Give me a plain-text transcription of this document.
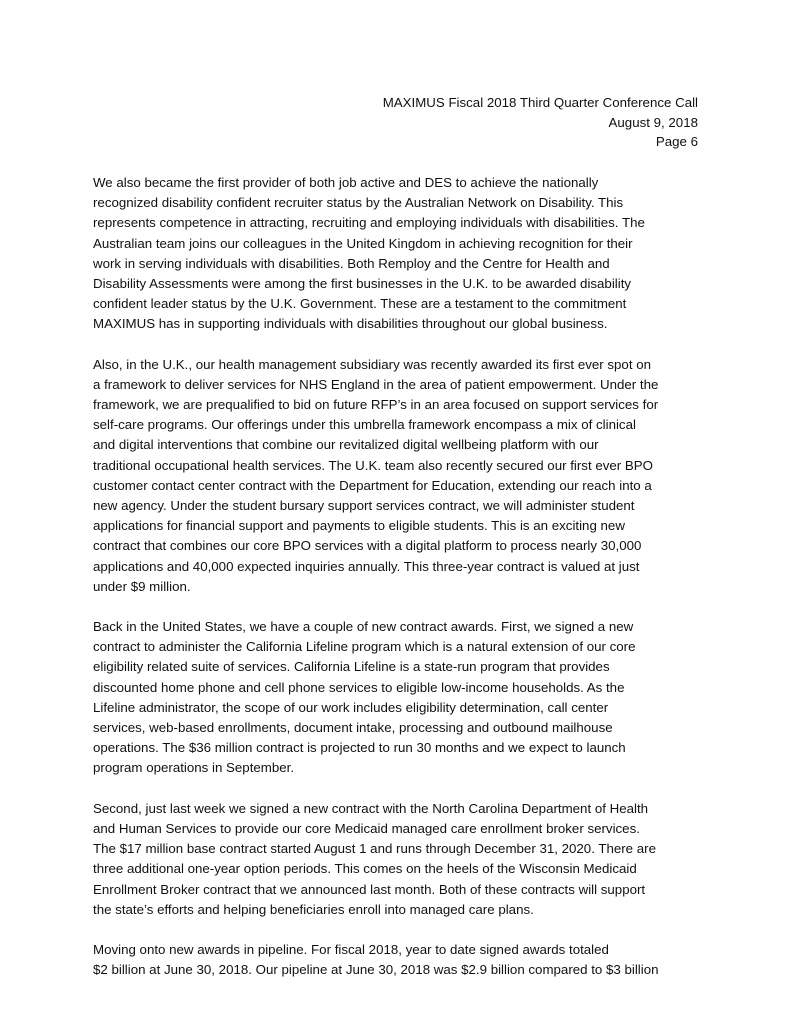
MAXIMUS Fiscal 2018 Third Quarter Conference Call
August 9, 2018
Page 6

We also became the first provider of both job active and DES to achieve the nationally
recognized disability confident recruiter status by the Australian Network on Disability. This
represents competence in attracting, recruiting and employing individuals with disabilities. The
Australian team joins our colleagues in the United Kingdom in achieving recognition for their
work in serving individuals with disabilities. Both Remploy and the Centre for Health and
Disability Assessments were among the first businesses in the U.K. to be awarded disability
confident leader status by the U.K. Government. These are a testament to the commitment
MAXIMUS has in supporting individuals with disabilities throughout our global business.

Also, in the U.K., our health management subsidiary was recently awarded its first ever spot on
a framework to deliver services for NHS England in the area of patient empowerment. Under the
framework, we are prequalified to bid on future RFP’s in an area focused on support services for
self-care programs. Our offerings under this umbrella framework encompass a mix of clinical
and digital interventions that combine our revitalized digital wellbeing platform with our
traditional occupational health services. The U.K. team also recently secured our first ever BPO
customer contact center contract with the Department for Education, extending our reach into a
new agency. Under the student bursary support services contract, we will administer student
applications for financial support and payments to eligible students. This is an exciting new
contract that combines our core BPO services with a digital platform to process nearly 30,000
applications and 40,000 expected inquiries annually. This three-year contract is valued at just
under $9 million.

Back in the United States, we have a couple of new contract awards. First, we signed a new
contract to administer the California Lifeline program which is a natural extension of our core
eligibility related suite of services. California Lifeline is a state-run program that provides
discounted home phone and cell phone services to eligible low-income households. As the
Lifeline administrator, the scope of our work includes eligibility determination, call center
services, web-based enrollments, document intake, processing and outbound mailhouse
operations. The $36 million contract is projected to run 30 months and we expect to launch
program operations in September.

Second, just last week we signed a new contract with the North Carolina Department of Health
and Human Services to provide our core Medicaid managed care enrollment broker services.
The $17 million base contract started August 1 and runs through December 31, 2020. There are
three additional one-year option periods. This comes on the heels of the Wisconsin Medicaid
Enrollment Broker contract that we announced last month. Both of these contracts will support
the state’s efforts and helping beneficiaries enroll into managed care plans.

Moving onto new awards in pipeline. For fiscal 2018, year to date signed awards totaled
$2 billion at June 30, 2018. Our pipeline at June 30, 2018 was $2.9 billion compared to $3 billion
